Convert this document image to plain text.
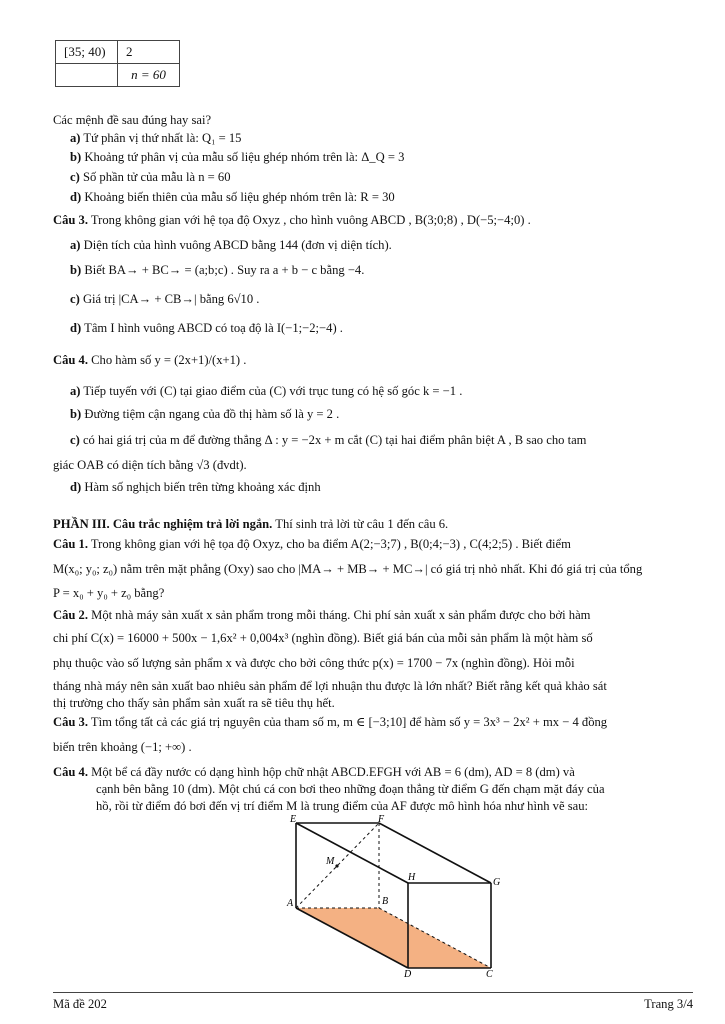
[35; 40)	2
	n = 60
Các mệnh đề sau đúng hay sai?
a) Tứ phân vị thứ nhất là: Q₁ = 15
b) Khoảng tứ phân vị của mẫu số liệu ghép nhóm trên là: Δ_Q = 3
c) Số phần tử của mẫu là n = 60
d) Khoảng biến thiên của mẫu số liệu ghép nhóm trên là: R = 30
Câu 3. Trong không gian với hệ tọa độ Oxyz , cho hình vuông ABCD , B(3;0;8) , D(−5;−4;0) .
a) Diện tích của hình vuông ABCD bằng 144 (đơn vị diện tích).
b) Biết BA→ + BC→ = (a;b;c) . Suy ra a + b − c bằng −4.
c) Giá trị |CA→ + CB→| bằng 6√10 .
d) Tâm I hình vuông ABCD có toạ độ là I(−1;−2;−4) .
Câu 4. Cho hàm số y = (2x+1)/(x+1) .
a) Tiếp tuyến với (C) tại giao điểm của (C) với trục tung có hệ số góc k = −1 .
b) Đường tiệm cận ngang của đồ thị hàm số là y = 2 .
c) có hai giá trị của m để đường thẳng Δ : y = −2x + m cắt (C) tại hai điểm phân biệt A , B sao cho tam
giác OAB có diện tích bằng √3 (đvdt).
d) Hàm số nghịch biến trên từng khoảng xác định
PHẦN III. Câu trắc nghiệm trả lời ngắn. Thí sinh trả lời từ câu 1 đến câu 6.
Câu 1. Trong không gian với hệ tọa độ Oxyz, cho ba điểm A(2;−3;7) , B(0;4;−3) , C(4;2;5) . Biết điểm
M(x₀; y₀; z₀) nằm trên mặt phẳng (Oxy) sao cho |MA→ + MB→ + MC→| có giá trị nhỏ nhất. Khi đó giá trị của tổng
P = x₀ + y₀ + z₀ bằng?
Câu 2. Một nhà máy sản xuất x sản phẩm trong mỗi tháng. Chi phí sản xuất x sản phẩm được cho bởi hàm
chi phí C(x) = 16000 + 500x − 1,6x² + 0,004x³ (nghìn đồng). Biết giá bán của mỗi sản phẩm là một hàm số
phụ thuộc vào số lượng sản phẩm x và được cho bởi công thức p(x) = 1700 − 7x (nghìn đồng). Hỏi mỗi
tháng nhà máy nên sản xuất bao nhiêu sản phẩm để lợi nhuận thu được là lớn nhất? Biết rằng kết quả khảo sát
thị trường cho thấy sản phẩm sản xuất ra sẽ tiêu thụ hết.
Câu 3. Tìm tổng tất cả các giá trị nguyên của tham số m, m ∈ [−3;10] để hàm số y = 3x³ − 2x² + mx − 4 đồng
biến trên khoảng (−1; +∞) .
Câu 4. Một bể cá đầy nước có dạng hình hộp chữ nhật ABCD.EFGH với AB = 6 (dm), AD = 8 (dm) và
cạnh bên bằng 10 (dm). Một chú cá con bơi theo những đoạn thẳng từ điểm G đến chạm mặt đáy của
hồ, rồi từ điểm đó bơi đến vị trí điểm M là trung điểm của AF được mô hình hóa như hình vẽ sau:
E	F
M
H	G
A	B
D	C
Mã đề 202	Trang 3/4
